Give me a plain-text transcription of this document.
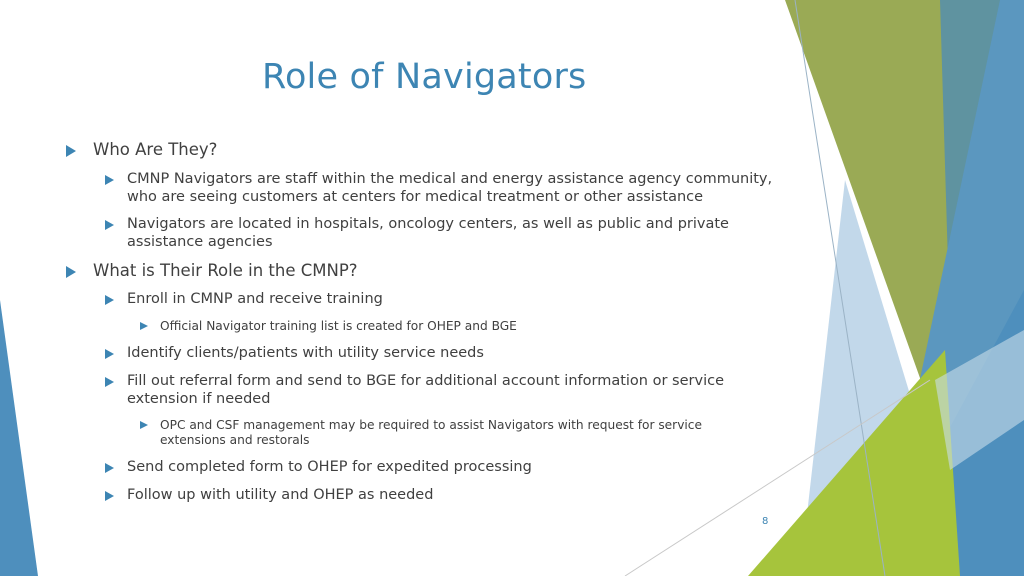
Role of Navigators
Who Are They?
CMNP Navigators are staff within the medical and energy assistance agency community, who are seeing customers at centers for medical treatment or other assistance
Navigators are located in hospitals, oncology centers, as well as public and private assistance agencies
What is Their Role in the CMNP?
Enroll in CMNP and receive training
Official Navigator training list is created for OHEP and BGE
Identify clients/patients with utility service needs
Fill out referral form and send to BGE for additional account information or service extension if needed
OPC and CSF management may be required to assist Navigators with request for service extensions and restorals
Send completed form to OHEP for expedited processing
Follow up with utility and OHEP as needed
8
